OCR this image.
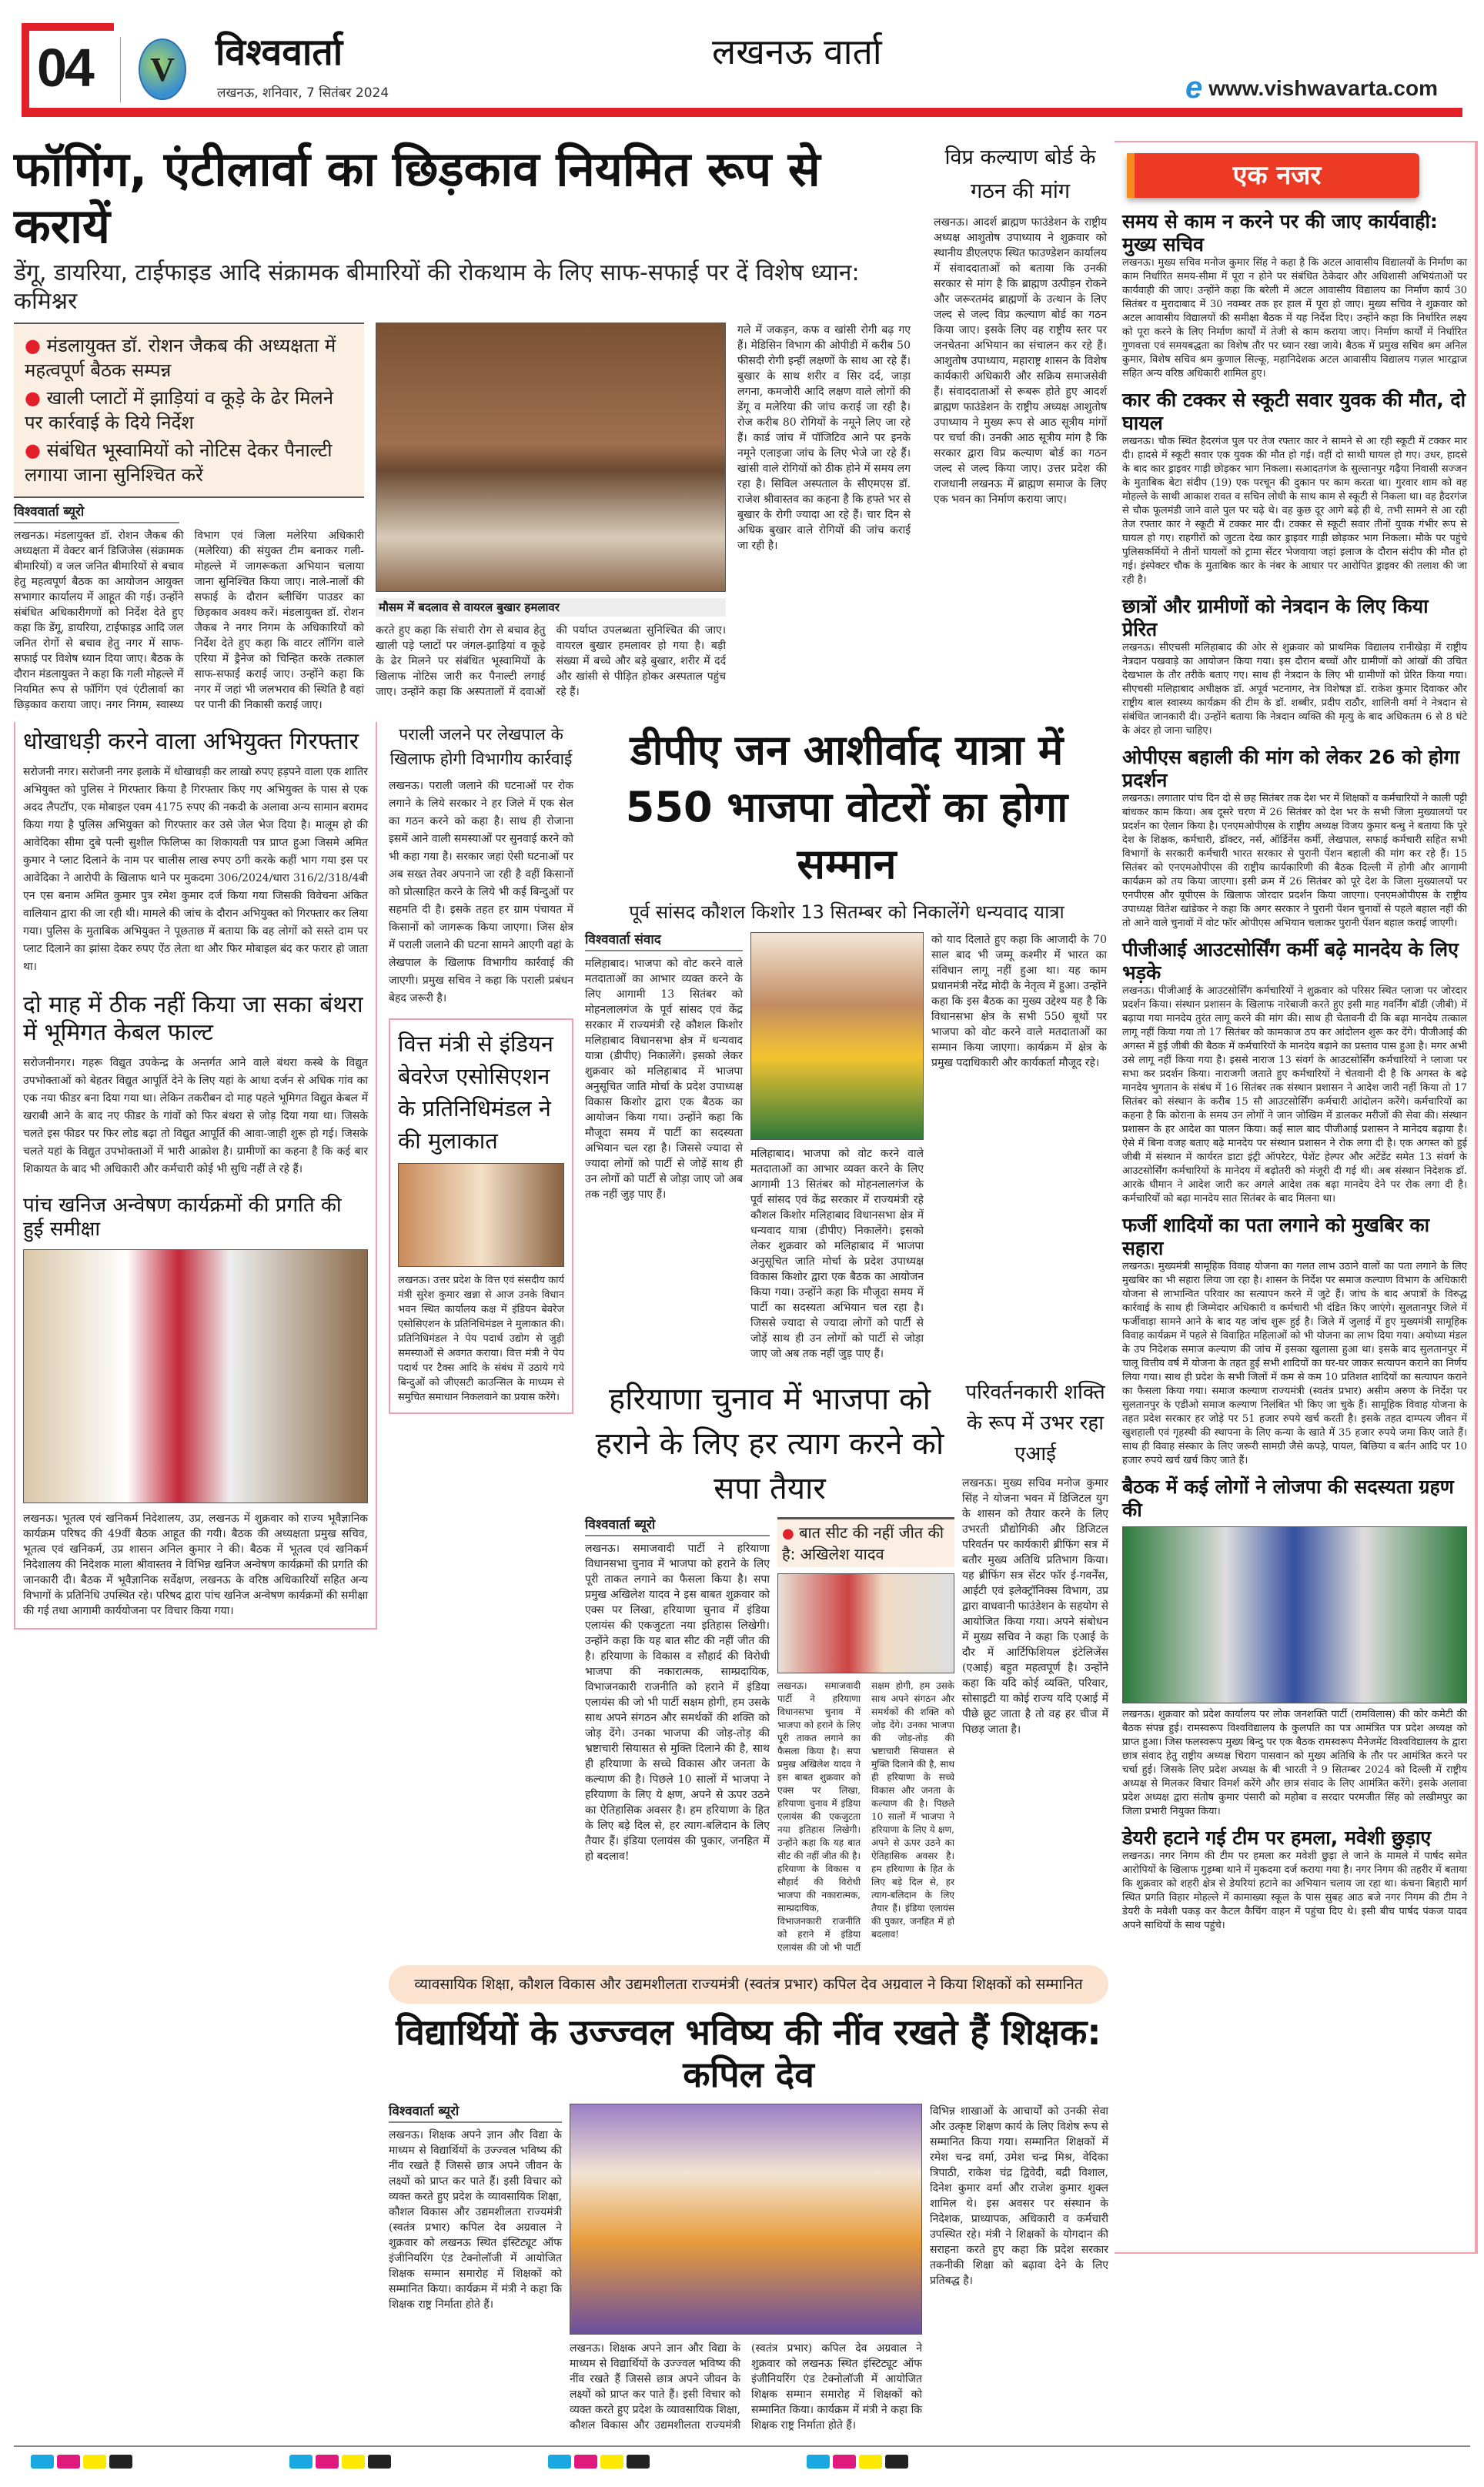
04	V	विश्ववार्ता
लखनऊ, शनिवार, 7 सितंबर 2024
लखनऊ वार्ता
e www.vishwavarta.com
फॉगिंग, एंटीलार्वा का छिड़काव नियमित रूप से करायें
डेंगू, डायरिया, टाईफाइड आदि संक्रामक बीमारियों की रोकथाम के लिए साफ-सफाई पर दें विशेष ध्यान: कमिश्नर
● मंडलायुक्त डॉ. रोशन जैकब की अध्यक्षता में महत्वपूर्ण बैठक सम्पन्न
● खाली प्लाटों में झाड़ियां व कूड़े के ढेर मिलने पर कार्रवाई के दिये निर्देश
● संबंधित भूस्वामियों को नोटिस देकर पैनाल्टी लगाया जाना सुनिश्चित करें
विश्ववार्ता ब्यूरो
लखनऊ। मंडलायुक्त डॉ. रोशन जैकब की अध्यक्षता में वेक्टर बार्न डिजिजेस (संक्रामक बीमारियों) व जल जनित बीमारियों से बचाव हेतु महत्वपूर्ण बैठक का आयोजन आयुक्त सभागार कार्यालय में आहूत की गई। उन्होंने संबंधित अधिकारीगणों को निर्देश देते हुए कहा कि डेंगू, डायरिया, टाईफाइड आदि जल जनित रोगों से बचाव हेतु नगर में साफ-सफाई पर विशेष ध्यान दिया जाए। बैठक के दौरान मंडलायुक्त ने कहा कि गली मोहल्ले में नियमित रूप से फॉगिंग एवं एंटीलार्वा का छिड़काव कराया जाए। नगर निगम, स्वास्थ्य विभाग एवं जिला मलेरिया अधिकारी (मलेरिया) की संयुक्त टीम बनाकर गली-मोहल्ले में जागरूकता अभियान चलाया जाना सुनिश्चित किया जाए। नाले-नालों की सफाई के दौरान ब्लीचिंग पाउडर का छिड़काव अवश्य करें। मंडलायुक्त डॉ. रोशन जैकब ने नगर निगम के अधिकारियों को निर्देश देते हुए कहा कि वाटर लॉगिंग वाले एरिया में ड्रैनेज को चिन्हित करके तत्काल साफ-सफाई कराई जाए। उन्होंने कहा कि नगर में जहां भी जलभराव की स्थिति है वहां पर पानी की निकासी कराई जाए।
मौसम में बदलाव से वायरल बुखार हमलावर
करते हुए कहा कि संचारी रोग से बचाव हेतु खाली पड़े प्लाटों पर जंगल-झाड़ियां व कूड़े के ढेर मिलने पर संबंधित भूस्वामियों के खिलाफ नोटिस जारी कर पैनाल्टी लगाई जाए। उन्होंने कहा कि अस्पतालों में दवाओं की पर्याप्त उपलब्धता सुनिश्चित की जाए। वायरल बुखार हमलावर हो गया है। बड़ी संख्या में बच्चे और बड़े बुखार, शरीर में दर्द और खांसी से पीड़ित होकर अस्पताल पहुंच रहे हैं।
गले में जकड़न, कफ व खांसी रोगी बढ़ गए हैं। मेडिसिन विभाग की ओपीडी में करीब 50 फीसदी रोगी इन्हीं लक्षणों के साथ आ रहे हैं। बुखार के साथ शरीर व सिर दर्द, जाड़ा लगना, कमजोरी आदि लक्षण वाले लोगों की डेंगू व मलेरिया की जांच कराई जा रही है। रोज करीब 80 रोगियों के नमूने लिए जा रहे हैं। कार्ड जांच में पॉजिटिव आने पर इनके नमूने एलाइजा जांच के लिए भेजे जा रहे हैं। खांसी वाले रोगियों को ठीक होने में समय लग रहा है। सिविल अस्पताल के सीएमएस डॉ. राजेश श्रीवास्तव का कहना है कि हफ्ते भर से बुखार के रोगी ज्यादा आ रहे हैं। चार दिन से अधिक बुखार वाले रोगियों की जांच कराई जा रही है।
विप्र कल्याण बोर्ड के गठन की मांग
लखनऊ। आदर्श ब्राह्मण फाउंडेशन के राष्ट्रीय अध्यक्ष आशुतोष उपाध्याय ने शुक्रवार को स्थानीय डीएलएफ स्थित फाउण्डेशन कार्यालय में संवाददाताओं को बताया कि उनकी सरकार से मांग है कि ब्राह्मण उत्पीड़न रोकने और जरूरतमंद ब्राह्मणों के उत्थान के लिए जल्द से जल्द विप्र कल्याण बोर्ड का गठन किया जाए। इसके लिए वह राष्ट्रीय स्तर पर जनचेतना अभियान का संचालन कर रहे हैं। आशुतोष उपाध्याय, महाराष्ट्र शासन के विशेष कार्यकारी अधिकारी और सक्रिय समाजसेवी हैं। संवाददाताओं से रूबरू होते हुए आदर्श ब्राह्मण फाउंडेशन के राष्ट्रीय अध्यक्ष आशुतोष उपाध्याय ने मुख्य रूप से आठ सूत्रीय मांगों पर चर्चा की। उनकी आठ सूत्रीय मांग है कि सरकार द्वारा विप्र कल्याण बोर्ड का गठन जल्द से जल्द किया जाए। उत्तर प्रदेश की राजधानी लखनऊ में ब्राह्मण समाज के लिए एक भवन का निर्माण कराया जाए।
धोखाधड़ी करने वाला अभियुक्त गिरफ्तार
सरोजनी नगर। सरोजनी नगर इलाके में धोखाधड़ी कर लाखो रुपए हड़पने वाला एक शातिर अभियुक्त को पुलिस ने गिरफ्तार किया है गिरफ्तार किए गए अभियुक्त के पास से एक अदद लैपटॉप, एक मोबाइल एवम 4175 रुपए की नकदी के अलावा अन्य सामान बरामद किया गया है पुलिस अभियुक्त को गिरफ्तार कर उसे जेल भेज दिया है। मालूम हो की आवेदिका सीमा दुबे पत्नी सुशील फिलिप्स का शिकायती पत्र प्राप्त हुआ जिसमे अमित कुमार ने प्लाट दिलाने के नाम पर चालीस लाख रुपए ठगी करके कहीं भाग गया इस पर आवेदिका ने आरोपी के खिलाफ थाने पर मुकदमा 306/2024/धारा 316/2/318/4बी एन एस बनाम अमित कुमार पुत्र रमेश कुमार दर्ज किया गया जिसकी विवेचना अंकित वालियान द्वारा की जा रही थी। मामले की जांच के दौरान अभियुक्त को गिरफ्तार कर लिया गया। पुलिस के मुताबिक अभियुक्त ने पूछताछ में बताया कि वह लोगों को सस्ते दाम पर प्लाट दिलाने का झांसा देकर रुपए ऐंठ लेता था और फिर मोबाइल बंद कर फरार हो जाता था।
दो माह में ठीक नहीं किया जा सका बंथरा में भूमिगत केबल फाल्ट
सरोजनीनगर। गहरू विद्युत उपकेन्द्र के अन्तर्गत आने वाले बंथरा कस्बे के विद्युत उपभोक्ताओं को बेहतर विद्युत आपूर्ति देने के लिए यहां के आधा दर्जन से अधिक गांव का एक नया फीडर बना दिया गया था। लेकिन तकरीबन दो माह पहले भूमिगत विद्युत केबल में खराबी आने के बाद नए फीडर के गांवों को फिर बंथरा से जोड़ दिया गया था। जिसके चलते इस फीडर पर फिर लोड बढ़ा तो विद्युत आपूर्ति की आवा-जाही शुरू हो गई। जिसके चलते यहां के विद्युत उपभोक्ताओं में भारी आक्रोश है। ग्रामीणों का कहना है कि कई बार शिकायत के बाद भी अधिकारी और कर्मचारी कोई भी सुधि नहीं ले रहे हैं।
पांच खनिज अन्वेषण कार्यक्रमों की प्रगति की हुई समीक्षा
लखनऊ। भूतत्व एवं खनिकर्म निदेशालय, उप्र, लखनऊ में शुक्रवार को राज्य भूवैज्ञानिक कार्यक्रम परिषद की 49वीं बैठक आहूत की गयी। बैठक की अध्यक्षता प्रमुख सचिव, भूतत्व एवं खनिकर्म, उप्र शासन अनिल कुमार ने की। बैठक में भूतत्व एवं खनिकर्म निदेशालय की निदेशक माला श्रीवास्तव ने विभिन्न खनिज अन्वेषण कार्यक्रमों की प्रगति की जानकारी दी। बैठक में भूवैज्ञानिक सर्वेक्षण, लखनऊ के वरिष्ठ अधिकारियों सहित अन्य विभागों के प्रतिनिधि उपस्थित रहे। परिषद द्वारा पांच खनिज अन्वेषण कार्यक्रमों की समीक्षा की गई तथा आगामी कार्ययोजना पर विचार किया गया।
पराली जलने पर लेखपाल के खिलाफ होगी विभागीय कार्रवाई
लखनऊ। पराली जलाने की घटनाओं पर रोक लगाने के लिये सरकार ने हर जिले में एक सेल का गठन करने को कहा है। साथ ही रोजाना इसमें आने वाली समस्याओं पर सुनवाई करने को भी कहा गया है। सरकार जहां ऐसी घटनाओं पर अब सख्त तेवर अपनाने जा रही है वहीं किसानों को प्रोत्साहित करने के लिये भी कई बिन्दुओं पर सहमति दी है। इसके तहत हर ग्राम पंचायत में किसानों को जागरूक किया जाएगा। जिस क्षेत्र में पराली जलाने की घटना सामने आएगी वहां के लेखपाल के खिलाफ विभागीय कार्रवाई की जाएगी। प्रमुख सचिव ने कहा कि पराली प्रबंधन बेहद जरूरी है।
वित्त मंत्री से इंडियन बेवरेज एसोसिएशन के प्रतिनिधिमंडल ने की मुलाकात
लखनऊ। उत्तर प्रदेश के वित्त एवं संसदीय कार्य मंत्री सुरेश कुमार खन्ना से आज उनके विधान भवन स्थित कार्यालय कक्ष में इंडियन बेवरेज एसोसिएशन के प्रतिनिधिमंडल ने मुलाकात की। प्रतिनिधिमंडल ने पेय पदार्थ उद्योग से जुड़ी समस्याओं से अवगत कराया। वित्त मंत्री ने पेय पदार्थ पर टैक्स आदि के संबंध में उठाये गये बिन्दुओं को जीएसटी काउन्सिल के माध्यम से समुचित समाधान निकलवाने का प्रयास करेंगे।
डीपीए जन आशीर्वाद यात्रा में 550 भाजपा वोटरों का होगा सम्मान
पूर्व सांसद कौशल किशोर 13 सितम्बर को निकालेंगे धन्यवाद यात्रा
विश्ववार्ता संवाद
मलिहाबाद। भाजपा को वोट करने वाले मतदाताओं का आभार व्यक्त करने के लिए आगामी 13 सितंबर को मोहनलालगंज के पूर्व सांसद एवं केंद्र सरकार में राज्यमंत्री रहे कौशल किशोर मलिहाबाद विधानसभा क्षेत्र में धन्यवाद यात्रा (डीपीए) निकालेंगे। इसको लेकर शुक्रवार को मलिहाबाद में भाजपा अनुसूचित जाति मोर्चा के प्रदेश उपाध्यक्ष विकास किशोर द्वारा एक बैठक का आयोजन किया गया। उन्होंने कहा कि मौजूदा समय में पार्टी का सदस्यता अभियान चल रहा है। जिससे ज्यादा से ज्यादा लोगों को पार्टी से जोड़ें साथ ही उन लोगों को पार्टी से जोड़ा जाए जो अब तक नहीं जुड़ पाए हैं।
मलिहाबाद। भाजपा को वोट करने वाले मतदाताओं का आभार व्यक्त करने के लिए आगामी 13 सितंबर को मोहनलालगंज के पूर्व सांसद एवं केंद्र सरकार में राज्यमंत्री रहे कौशल किशोर मलिहाबाद विधानसभा क्षेत्र में धन्यवाद यात्रा (डीपीए) निकालेंगे। इसको लेकर शुक्रवार को मलिहाबाद में भाजपा अनुसूचित जाति मोर्चा के प्रदेश उपाध्यक्ष विकास किशोर द्वारा एक बैठक का आयोजन किया गया। उन्होंने कहा कि मौजूदा समय में पार्टी का सदस्यता अभियान चल रहा है। जिससे ज्यादा से ज्यादा लोगों को पार्टी से जोड़ें साथ ही उन लोगों को पार्टी से जोड़ा जाए जो अब तक नहीं जुड़ पाए हैं।
को याद दिलाते हुए कहा कि आजादी के 70 साल बाद भी जम्मू कश्मीर में भारत का संविधान लागू नहीं हुआ था। यह काम प्रधानमंत्री नरेंद्र मोदी के नेतृत्व में हुआ। उन्होंने कहा कि इस बैठक का मुख्य उद्देश्य यह है कि विधानसभा क्षेत्र के सभी 550 बूथों पर भाजपा को वोट करने वाले मतदाताओं का सम्मान किया जाएगा। कार्यक्रम में क्षेत्र के प्रमुख पदाधिकारी और कार्यकर्ता मौजूद रहे।
हरियाणा चुनाव में भाजपा को हराने के लिए हर त्याग करने को सपा तैयार
विश्ववार्ता ब्यूरो
लखनऊ। समाजवादी पार्टी ने हरियाणा विधानसभा चुनाव में भाजपा को हराने के लिए पूरी ताकत लगाने का फैसला किया है। सपा प्रमुख अखिलेश यादव ने इस बाबत शुक्रवार को एक्स पर लिखा, हरियाणा चुनाव में इंडिया एलायंस की एकजुटता नया इतिहास लिखेगी। उन्होंने कहा कि यह बात सीट की नहीं जीत की है। हरियाणा के विकास व सौहार्द की विरोधी भाजपा की नकारात्मक, साम्प्रदायिक, विभाजनकारी राजनीति को हराने में इंडिया एलायंस की जो भी पार्टी सक्षम होगी, हम उसके साथ अपने संगठन और समर्थकों की शक्ति को जोड़ देंगे। उनका भाजपा की जोड़-तोड़ की भ्रष्टाचारी सियासत से मुक्ति दिलाने की है, साथ ही हरियाणा के सच्चे विकास और जनता के कल्याण की है। पिछले 10 सालों में भाजपा ने हरियाणा के लिए ये क्षण, अपने से ऊपर उठने का ऐतिहासिक अवसर है। हम हरियाणा के हित के लिए बड़े दिल से, हर त्याग-बलिदान के लिए तैयार हैं। इंडिया एलायंस की पुकार, जनहित में हो बदलाव!
● बात सीट की नहीं जीत की है: अखिलेश यादव
लखनऊ। समाजवादी पार्टी ने हरियाणा विधानसभा चुनाव में भाजपा को हराने के लिए पूरी ताकत लगाने का फैसला किया है। सपा प्रमुख अखिलेश यादव ने इस बाबत शुक्रवार को एक्स पर लिखा, हरियाणा चुनाव में इंडिया एलायंस की एकजुटता नया इतिहास लिखेगी। उन्होंने कहा कि यह बात सीट की नहीं जीत की है। हरियाणा के विकास व सौहार्द की विरोधी भाजपा की नकारात्मक, साम्प्रदायिक, विभाजनकारी राजनीति को हराने में इंडिया एलायंस की जो भी पार्टी सक्षम होगी, हम उसके साथ अपने संगठन और समर्थकों की शक्ति को जोड़ देंगे। उनका भाजपा की जोड़-तोड़ की भ्रष्टाचारी सियासत से मुक्ति दिलाने की है, साथ ही हरियाणा के सच्चे विकास और जनता के कल्याण की है। पिछले 10 सालों में भाजपा ने हरियाणा के लिए ये क्षण, अपने से ऊपर उठने का ऐतिहासिक अवसर है। हम हरियाणा के हित के लिए बड़े दिल से, हर त्याग-बलिदान के लिए तैयार हैं। इंडिया एलायंस की पुकार, जनहित में हो बदलाव!
परिवर्तनकारी शक्ति के रूप में उभर रहा एआई
लखनऊ। मुख्य सचिव मनोज कुमार सिंह ने योजना भवन में डिजिटल युग के शासन को तैयार करने के लिए उभरती प्रौद्योगिकी और डिजिटल परिवर्तन पर कार्यकारी ब्रीफिंग सत्र में बतौर मुख्य अतिथि प्रतिभाग किया। यह ब्रीफिंग सत्र सेंटर फॉर ई-गवर्नेंस, आईटी एवं इलेक्ट्रॉनिक्स विभाग, उप्र द्वारा वाधवानी फाउंडेशन के सहयोग से आयोजित किया गया। अपने संबोधन में मुख्य सचिव ने कहा कि एआई के दौर में आर्टिफिशियल इंटेलिजेंस (एआई) बहुत महत्वपूर्ण है। उन्होंने कहा कि यदि कोई व्यक्ति, परिवार, सोसाइटी या कोई राज्य यदि एआई में पीछे छूट जाता है तो वह हर चीज में पिछड़ जाता है।
व्यावसायिक शिक्षा, कौशल विकास और उद्यमशीलता राज्यमंत्री (स्वतंत्र प्रभार) कपिल देव अग्रवाल ने किया शिक्षकों को सम्मानित
विद्यार्थियों के उज्ज्वल भविष्य की नींव रखते हैं शिक्षक: कपिल देव
विश्ववार्ता ब्यूरो
लखनऊ। शिक्षक अपने ज्ञान और विद्या के माध्यम से विद्यार्थियों के उज्ज्वल भविष्य की नींव रखते हैं जिससे छात्र अपने जीवन के लक्ष्यों को प्राप्त कर पाते हैं। इसी विचार को व्यक्त करते हुए प्रदेश के व्यावसायिक शिक्षा, कौशल विकास और उद्यमशीलता राज्यमंत्री (स्वतंत्र प्रभार) कपिल देव अग्रवाल ने शुक्रवार को लखनऊ स्थित इंस्टिट्यूट ऑफ इंजीनियरिंग एंड टेक्नोलॉजी में आयोजित शिक्षक सम्मान समारोह में शिक्षकों को सम्मानित किया। कार्यक्रम में मंत्री ने कहा कि शिक्षक राष्ट्र निर्माता होते हैं।
लखनऊ। शिक्षक अपने ज्ञान और विद्या के माध्यम से विद्यार्थियों के उज्ज्वल भविष्य की नींव रखते हैं जिससे छात्र अपने जीवन के लक्ष्यों को प्राप्त कर पाते हैं। इसी विचार को व्यक्त करते हुए प्रदेश के व्यावसायिक शिक्षा, कौशल विकास और उद्यमशीलता राज्यमंत्री (स्वतंत्र प्रभार) कपिल देव अग्रवाल ने शुक्रवार को लखनऊ स्थित इंस्टिट्यूट ऑफ इंजीनियरिंग एंड टेक्नोलॉजी में आयोजित शिक्षक सम्मान समारोह में शिक्षकों को सम्मानित किया। कार्यक्रम में मंत्री ने कहा कि शिक्षक राष्ट्र निर्माता होते हैं।
विभिन्न शाखाओं के आचार्यों को उनकी सेवा और उत्कृष्ट शिक्षण कार्य के लिए विशेष रूप से सम्मानित किया गया। सम्मानित शिक्षकों में रमेश चन्द्र वर्मा, उमेश चन्द्र मिश्र, वेदिका त्रिपाठी, राकेश चंद्र द्विवेदी, बद्री विशाल, दिनेश कुमार वर्मा और राजेश कुमार शुक्ल शामिल थे। इस अवसर पर संस्थान के निदेशक, प्राध्यापक, अधिकारी व कर्मचारी उपस्थित रहे। मंत्री ने शिक्षकों के योगदान की सराहना करते हुए कहा कि प्रदेश सरकार तकनीकी शिक्षा को बढ़ावा देने के लिए प्रतिबद्ध है।
एक नजर
समय से काम न करने पर की जाए कार्यवाही: मुख्य सचिव
लखनऊ। मुख्य सचिव मनोज कुमार सिंह ने कहा है कि अटल आवासीय विद्यालयों के निर्माण का काम निर्धारित समय-सीमा में पूरा न होने पर संबंधित ठेकेदार और अधिशासी अभियंताओं पर कार्यवाही की जाए। उन्होंने कहा कि बरेली में अटल आवासीय विद्यालय का निर्माण कार्य 30 सितंबर व मुरादाबाद में 30 नवम्बर तक हर हाल में पूरा हो जाए। मुख्य सचिव ने शुक्रवार को अटल आवासीय विद्यालयों की समीक्षा बैठक में यह निर्देश दिए। उन्होंने कहा कि निर्धारित लक्ष्य को पूरा करने के लिए निर्माण कार्यों में तेजी से काम कराया जाए। निर्माण कार्यों में निर्धारित गुणवत्ता एवं समयबद्धता का विशेष तौर पर ध्यान रखा जाये। बैठक में प्रमुख सचिव श्रम अनिल कुमार, विशेष सचिव श्रम कुणाल सिल्कू, महानिदेशक अटल आवासीय विद्यालय गज़ल भारद्वाज सहित अन्य वरिष्ठ अधिकारी शामिल हुए।
कार की टक्कर से स्कूटी सवार युवक की मौत, दो घायल
लखनऊ। चौक स्थित हैदरगंज पुल पर तेज रफ्तार कार ने सामने से आ रही स्कूटी में टक्कर मार दी। हादसे में स्कूटी सवार एक युवक की मौत हो गई। वहीं दो साथी घायल हो गए। उधर, हादसे के बाद कार ड्राइवर गाड़ी छोड़कर भाग निकला। सआदतगंज के सुल्तानपुर गढ़ैया निवासी सज्जन के मुताबिक बेटा संदीप (19) एक परचून की दुकान पर काम करता था। गुरवार शाम को वह मोहल्ले के साथी आकाश रावत व सचिन लोधी के साथ काम से स्कूटी से निकला था। वह हैदरगंज से चौक फूलमंडी जाने वाले पुल पर चढ़े थे। वह कुछ दूर आगे बढ़े ही थे, तभी सामने से आ रही तेज रफ्तार कार ने स्कूटी में टक्कर मार दी। टक्कर से स्कूटी सवार तीनों युवक गंभीर रूप से घायल हो गए। राहगीरों को जुटता देख कार ड्राइवर गाड़ी छोड़कर भाग निकला। मौके पर पहुंचे पुलिसकर्मियों ने तीनों घायलों को ट्रामा सेंटर भेजवाया जहां इलाज के दौरान संदीप की मौत हो गई। इंस्पेक्टर चौक के मुताबिक कार के नंबर के आधार पर आरोपित ड्राइवर की तलाश की जा रही है।
छात्रों और ग्रामीणों को नेत्रदान के लिए किया प्रेरित
लखनऊ। सीएचसी मलिहाबाद की ओर से शुक्रवार को प्राथमिक विद्यालय रानीखेड़ा में राष्ट्रीय नेत्रदान पखवाड़े का आयोजन किया गया। इस दौरान बच्चों और ग्रामीणों को आंखों की उचित देखभाल के तौर तरीके बताए गए। साथ ही नेत्रदान के लिए भी ग्रामीणों को प्रेरित किया गया। सीएचसी मलिहाबाद अधीक्षक डॉ. अपूर्व भटनागर, नेत्र विशेषज्ञ डॉ. राकेश कुमार दिवाकर और राष्ट्रीय बाल स्वास्थ्य कार्यक्रम की टीम के डॉ. शब्बीर, प्रदीप राठौर, शालिनी वर्मा ने नेत्रदान से संबंधित जानकारी दी। उन्होंने बताया कि नेत्रदान व्यक्ति की मृत्यु के बाद अधिकतम 6 से 8 घंटे के अंदर हो जाना चाहिए।
ओपीएस बहाली की मांग को लेकर 26 को होगा प्रदर्शन
लखनऊ। लगातार पांच दिन दो से छह सितंबर तक देश भर में शिक्षकों व कर्मचारियों ने काली पट्टी बांधकर काम किया। अब दूसरे चरण में 26 सितंबर को देश भर के सभी जिला मुख्यालयों पर प्रदर्शन का ऐलान किया है। एनएमओपीएस के राष्ट्रीय अध्यक्ष विजय कुमार बन्धु ने बताया कि पूरे देश के शिक्षक, कर्मचारी, डॉक्टर, नर्स, ऑर्डिनेंस कर्मी, लेखपाल, सफाई कर्मचारी सहित सभी विभागों के सरकारी कर्मचारी भारत सरकार से पुरानी पेंशन बहाली की मांग कर रहे हैं। 15 सितंबर को एनएमओपीएस की राष्ट्रीय कार्यकारिणी की बैठक दिल्ली में होगी और आगामी कार्यक्रम को तय किया जाएगा। इसी क्रम में 26 सितंबर को पूरे देश के जिला मुख्यालयों पर एनपीएस और यूपीएस के खिलाफ जोरदार प्रदर्शन किया जाएगा। एनएमओपीएस के राष्ट्रीय उपाध्यक्ष वितेश खांडेकर ने कहा कि अगर सरकार ने पुरानी पेंशन चुनावों से पहले बहाल नहीं की तो आने वाले चुनावों में वोट फॉर ओपीएस अभियान चलाकर पुरानी पेंशन बहाल कराई जाएगी।
पीजीआई आउटसोर्सिंग कर्मी बढ़े मानदेय के लिए भड़के
लखनऊ। पीजीआई के आउटसोर्सिंग कर्मचारियों ने शुक्रवार को परिसर स्थित प्लाजा पर जोरदार प्रदर्शन किया। संस्थान प्रशासन के खिलाफ नारेबाजी करते हुए इसी माह गवर्निंग बॉडी (जीबी) में बढ़ाया गया मानदेय तुरंत लागू करने की मांग की। साथ ही चेतावनी दी कि बढ़ा मानदेय तत्काल लागू नहीं किया गया तो 17 सितंबर को कामकाज ठप कर आंदोलन शुरू कर देंगे। पीजीआई की अगस्त में हुई जीबी की बैठक में कर्मचारियों के मानदेय बढ़ाने का प्रस्ताव पास हुआ है। मगर अभी उसे लागू नहीं किया गया है। इससे नाराज 13 संवर्ग के आउटसोर्सिंग कर्मचारियों ने प्लाजा पर सभा कर प्रदर्शन किया। नाराजगी जताते हुए कर्मचारियों ने चेतवानी दी है कि अगस्त के बढ़े मानदेय भुगतान के संबंध में 16 सितंबर तक संस्थान प्रशासन ने आदेश जारी नहीं किया तो 17 सितंबर को संस्थान के करीब 15 सौ आउटसोर्सिंग कर्मचारी आंदोलन करेंगे। कर्मचारियों का कहना है कि कोराना के समय उन लोगों ने जान जोखिम में डालकर मरीजों की सेवा की। संस्थान प्रशासन के हर आदेश का पालन किया। कई साल बाद पीजीआई प्रशासन ने मानेदय बढ़ाया है। ऐसे में बिना वजह बताए बढ़े मानदेय पर संस्थान प्रशासन ने रोक लगा दी है। एक अगस्त को हुई जीबी में संस्थान में कार्यरत डाटा इंट्री ऑपरेटर, पेशेंट हेल्पर और अटेंडेंट समेत 13 संवर्ग के आउटसोर्सिंग कर्मचारियों के मानेदय में बढ़ोतरी को मंजूरी दी गई थी। अब संस्थान निदेशक डॉ. आरके धीमान ने आदेश जारी कर अगले आदेश तक बढ़ा मानदेय देने पर रोक लगा दी है। कर्मचारियों को बढ़ा मानदेय सात सितंबर के बाद मिलना था।
फर्जी शादियों का पता लगाने को मुखबिर का सहारा
लखनऊ। मुख्यमंत्री सामूहिक विवाह योजना का गलत लाभ उठाने वालों का पता लगाने के लिए मुखबिर का भी सहारा लिया जा रहा है। शासन के निर्देश पर समाज कल्याण विभाग के अधिकारी योजना से लाभान्वित परिवार का सत्यापन करने में जुटे हैं। जांच के बाद अपात्रों के विरुद्ध कार्रवाई के साथ ही जिम्मेदार अधिकारी व कर्मचारी भी दंडित किए जाएंगे। सुलतानपुर जिले में फर्जीवाड़ा सामने आने के बाद यह जांच शुरू हुई है। जिले में जुलाई में हुए मुख्यमंत्री सामूहिक विवाह कार्यक्रम में पहले से विवाहित महिलाओं को भी योजना का लाभ दिया गया। अयोध्या मंडल के उप निदेशक समाज कल्याण की जांच में इसका खुलासा हुआ था। इसके बाद सुलतानपुर में चालू वित्तीय वर्ष में योजना के तहत हुई सभी शादियों का घर-घर जाकर सत्यापन कराने का निर्णय लिया गया। साथ ही प्रदेश के सभी जिलों में कम से कम 10 प्रतिशत शादियों का सत्यापन कराने का फैसला किया गया। समाज कल्याण राज्यमंत्री (स्वतंत्र प्रभार) असीम अरुण के निर्देश पर सुलतानपुर के एडीओ समाज कल्याण निलंबित भी किए जा चुके हैं। सामूहिक विवाह योजना के तहत प्रदेश सरकार हर जोड़े पर 51 हजार रुपये खर्च करती है। इसके तहत दाम्पत्य जीवन में खुशहाली एवं गृहस्थी की स्थापना के लिए कन्या के खाते में 35 हजार रुपये जमा किए जाते हैं। साथ ही विवाह संस्कार के लिए जरूरी सामग्री जैसे कपड़े, पायल, बिछिया व बर्तन आदि पर 10 हजार रुपये खर्च खर्च किए जाते हैं।
बैठक में कई लोगों ने लोजपा की सदस्यता ग्रहण की
लखनऊ। शुक्रवार को प्रदेश कार्यालय पर लोक जनशक्ति पार्टी (रामविलास) की कोर कमेटी की बैठक संपन्न हुई। रामस्वरूप विश्वविद्यालय के कुलपति का पत्र आमंत्रित पत्र प्रदेश अध्यक्ष को प्राप्त हुआ। जिस फलस्वरूप मुख्य बिन्दु पर एक बैठक रामस्वरूप मैनेजमेंट विश्वविद्यालय के द्वारा छात्र संवाद हेतु राष्ट्रीय अध्यक्ष चिराग पासवान को मुख्य अतिथि के तौर पर आमंत्रित करने पर चर्चा हुई। जिसके लिए प्रदेश अध्यक्ष के बी भारती ने 9 सितम्बर 2024 को दिल्ली में राष्ट्रीय अध्यक्ष से मिलकर विचार विमर्श करेंगे और छात्र संवाद के लिए आमंत्रित करेंगे। इसके अलावा प्रदेश अध्यक्ष द्वारा संतोष कुमार पंसारी को महोबा व सरदार परमजीत सिंह को लखीमपुर का जिला प्रभारी नियुक्त किया।
डेयरी हटाने गई टीम पर हमला, मवेशी छुड़ाए
लखनऊ। नगर निगम की टीम पर हमला कर मवेशी छुड़ा ले जाने के मामले में पार्षद समेत आरोपियों के खिलाफ गुड़म्बा थाने में मुकदमा दर्ज कराया गया है। नगर निगम की तहरीर में बताया कि शुक्रवार को शहरी क्षेत्र से डेयरियां हटाने का अभियान चलाय जा रहा था। कंचना बिहारी मार्ग स्थित प्रगति विहार मोहल्ले में कामाख्या स्कूल के पास सुबह आठ बजे नगर निगम की टीम ने डेयरी के मवेशी पकड़ कर कैटल कैचिंग वाहन में पहुंचा दिए थे। इसी बीच पार्षद पंकज यादव अपने साथियों के साथ पहुंचे।
